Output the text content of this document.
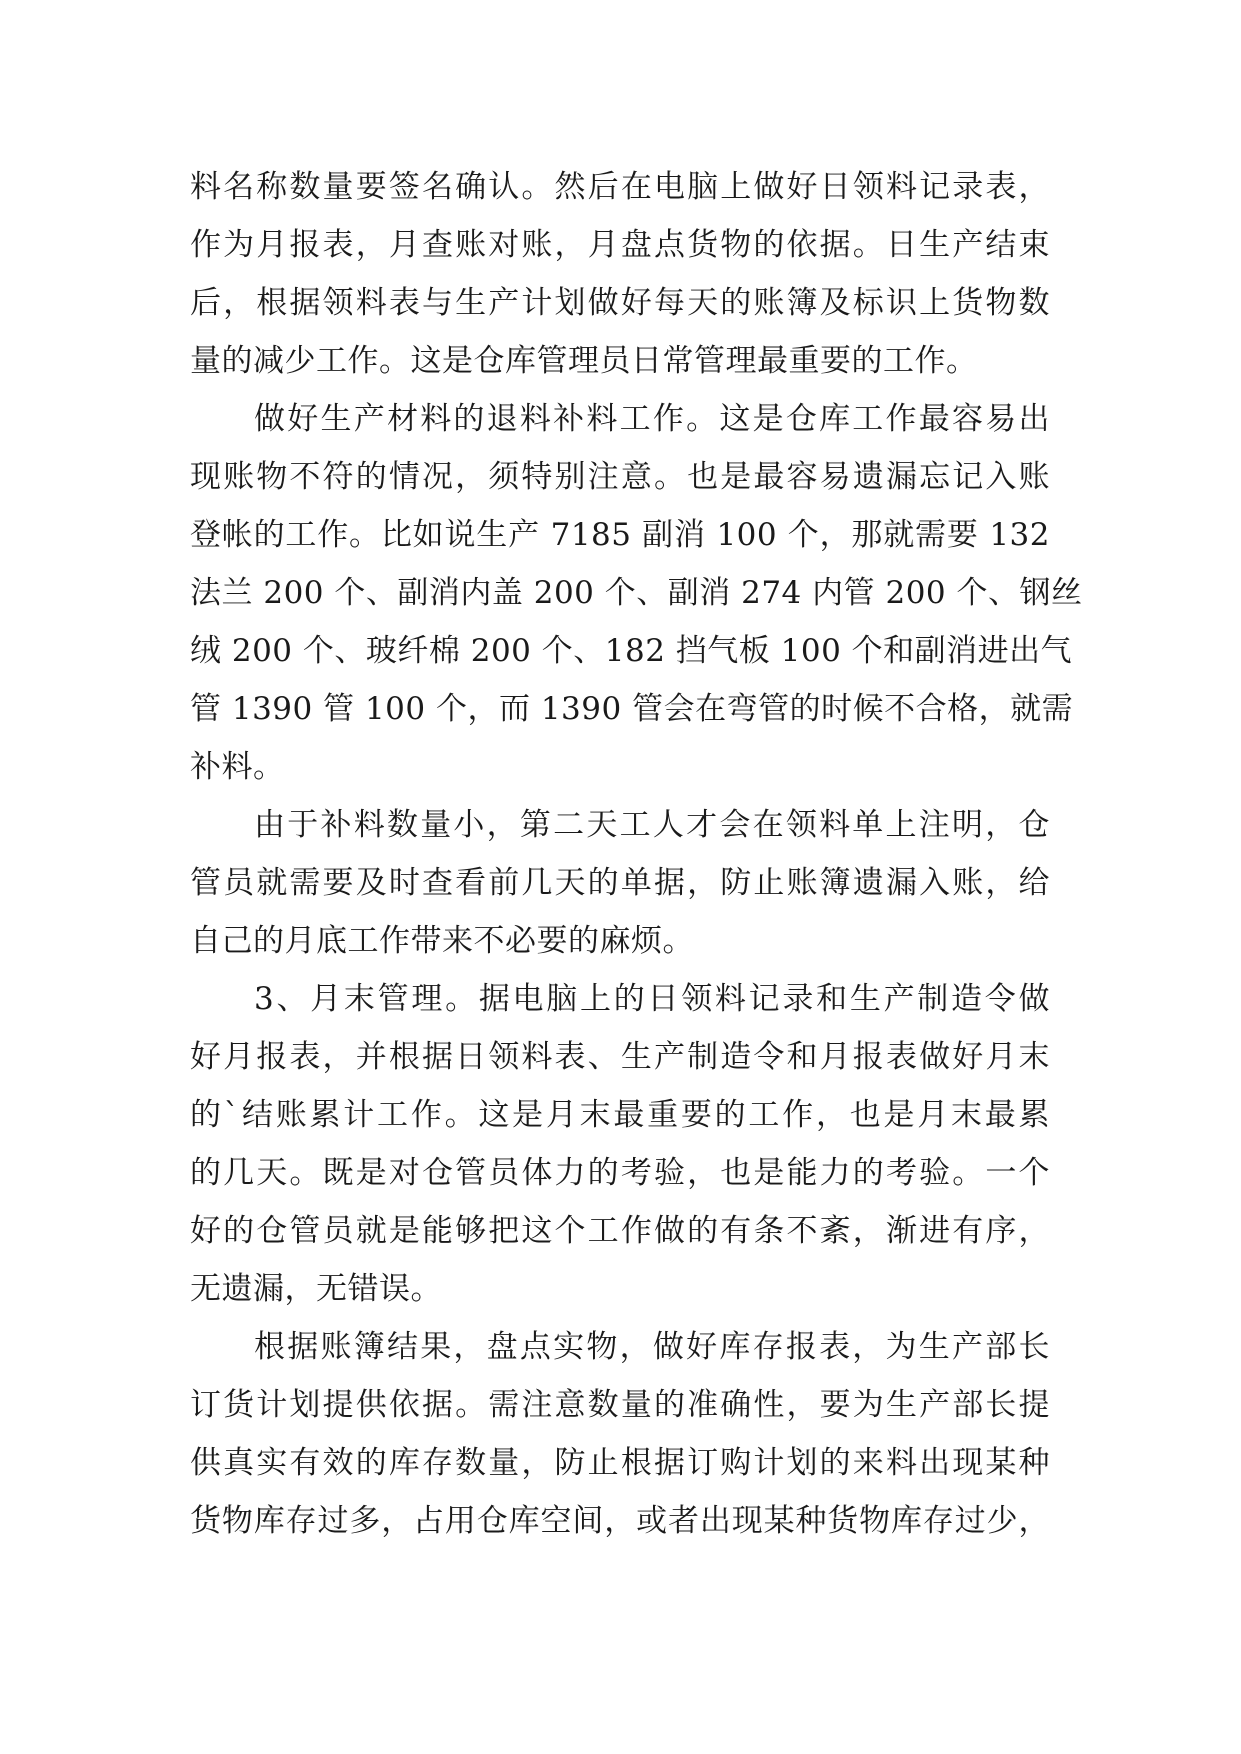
料名称数量要签名确认。然后在电脑上做好日领料记录表，
作为月报表，月查账对账，月盘点货物的依据。日生产结束
后，根据领料表与生产计划做好每天的账簿及标识上货物数
量的减少工作。这是仓库管理员日常管理最重要的工作。
做好生产材料的退料补料工作。这是仓库工作最容易出
现账物不符的情况，须特别注意。也是最容易遗漏忘记入账
登帐的工作。比如说生产 7185 副消 100 个，那就需要 132
法兰 200 个、副消内盖 200 个、副消 274 内管 200 个、钢丝
绒 200 个、玻纤棉 200 个、182 挡气板 100 个和副消进出气
管 1390 管 100 个，而 1390 管会在弯管的时候不合格，就需
补料。
由于补料数量小，第二天工人才会在领料单上注明，仓
管员就需要及时查看前几天的单据，防止账簿遗漏入账，给
自己的月底工作带来不必要的麻烦。
3、月末管理。据电脑上的日领料记录和生产制造令做
好月报表，并根据日领料表、生产制造令和月报表做好月末
的`结账累计工作。这是月末最重要的工作，也是月末最累
的几天。既是对仓管员体力的考验，也是能力的考验。一个
好的仓管员就是能够把这个工作做的有条不紊，渐进有序，
无遗漏，无错误。
根据账簿结果，盘点实物，做好库存报表，为生产部长
订货计划提供依据。需注意数量的准确性，要为生产部长提
供真实有效的库存数量，防止根据订购计划的来料出现某种
货物库存过多，占用仓库空间，或者出现某种货物库存过少，
